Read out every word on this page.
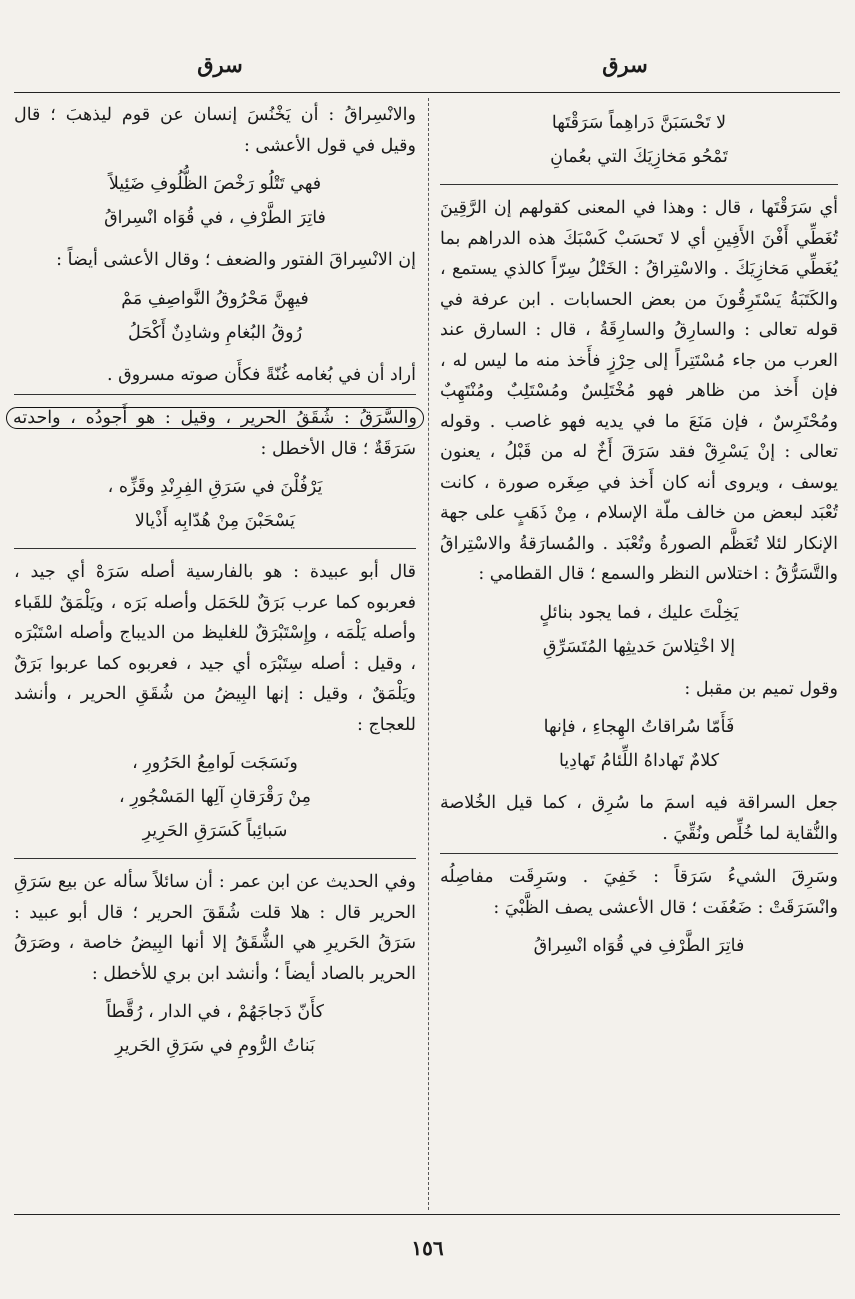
سرق
سرق
لا تَحْسَبَنَّ دَراهِماً سَرَقْتَها
تَمْحُو مَخازِيَكَ التي بعُمانِ

أي سَرَقْتَها ، قال : وهذا في المعنى كقولهم إن الرَّقِينَ تُغَطِّي أَفْنَ الأَفِينِ أي لا تَحسَبْ كَسْبَكَ هذه الدراهم بما يُغَطِّي مَخازِيَكَ . والاسْتِراقُ : الخَتْلُ سِرّاً كالذي يستمع ، والكَتَبَةُ يَسْتَرِقُونَ من بعض الحسابات . ابن عرفة في قوله تعالى : والسارِقُ والسارِقَةُ ، قال : السارق عند العرب من جاء مُسْتَتِراً إلى حِرْزٍ فأَخذ منه ما ليس له ، فإن أَخذ من ظاهر فهو مُخْتَلِسٌ ومُسْتَلِبٌ ومُنْتَهِبٌ ومُحْتَرِسٌ ، فإن مَنَعَ ما في يديه فهو غاصب . وقوله تعالى : إنْ يَسْرِقْ فقد سَرَقَ أَخٌ له من قَبْلُ ، يعنون يوسف ، ويروى أنه كان أَخذ في صِغَره صورة ، كانت تُعْبَد لبعض من خالف ملّة الإسلام ، مِنْ ذَهَبٍ على جهة الإنكار لئلا تُعَظَّم الصورةُ وتُعْبَد . والمُسارَقةُ والاسْتِراقُ والتَّسَرُّقُ : اختلاس النظر والسمع ؛ قال القطامي :

يَخِلْتَ عليك ، فما يجود بنائلٍ
إلا اخْتِلاسَ حَديثِها المُتَسَرِّقِ

وقول تميم بن مقبل :

فَأَمّا سُراقاتُ الهِجاءِ ، فإنها
كلامٌ تَهاداهُ اللِّئامُ تَهادِيا

جعل السراقة فيه اسمَ ما سُرِق ، كما قيل الخُلاصة والنُّقاية لما خُلِّص ونُقِّيَ .

وسَرِقَ الشيءُ سَرَقاً : خَفِيَ . وسَرِقَت مفاصِلُه وانْسَرَقَتْ : ضَعُفَت ؛ قال الأعشى يصف الظَّبْيَ :

فاتِرَ الطَّرْفِ في قُوَاه انْسِراقُ

والانْسِراقُ : أن يَخْنُسَ إنسان عن قوم ليذهبَ ؛ قال وقيل في قول الأعشى :

فهي تَتْلُو رَخْصَ الظُّلُوفِ ضَئِيلاً
فاتِرَ الطَّرْفِ ، في قُوَاه انْسِراقُ

إن الانْسِراقَ الفتور والضعف ؛ وقال الأعشى أيضاً :

فيهِنَّ مَحْرُوقُ النَّواصِفِ مَمْ
رُوقُ البُغامِ وشادِنٌ أَكْحَلُ

أراد أن في بُغامه غُنّةً فكأَن صوته مسروق .

والسَّرَقُ : شُقَقُ الحرير ، وقيل : هو أَجودُه ، واحدته سَرَقَةٌ ؛ قال الأخطل :

يَرْفُلْنَ في سَرَقِ الفِرِنْدِ وقَزِّه ،
يَسْحَبْنَ مِنْ هُدّابِه أَذْيالا

قال أبو عبيدة : هو بالفارسية أصله سَرَهْ أي جيد ، فعربوه كما عرب بَرَقٌ للحَمَل وأصله بَرَه ، ويَلْمَقٌ للقَباء وأصله يَلْمَه ، وإِسْتَبْرَقٌ للغليظ من الديباج وأصله اسْتَبْرَه ، وقيل : أصله سِتَبْرَه أي جيد ، فعربوه كما عربوا بَرَقٌ ويَلْمَقٌ ، وقيل : إنها البِيضُ من شُقَقِ الحرير ، وأنشد للعجاج :

ونَسَجَت لَوامِعُ الحَرُورِ ،
مِنْ رَقْرَقانِ آلِها المَسْجُورِ ،
سَبائِباً كَسَرَقِ الحَرِيرِ

وفي الحديث عن ابن عمر : أن سائلاً سأله عن بيع سَرَقِ الحرير قال : هلا قلت شُقَقَ الحرير ؛ قال أبو عبيد : سَرَقُ الحَريرِ هي الشُّقَقُ إلا أنها البِيضُ خاصة ، وصَرَقُ الحرير بالصاد أيضاً ؛ وأنشد ابن بري للأخطل :

كأَنّ دَجاجَهُمْ ، في الدار ، رُقَّطاً
بَناتُ الرُّومِ في سَرَقِ الحَريرِ
١٥٦
